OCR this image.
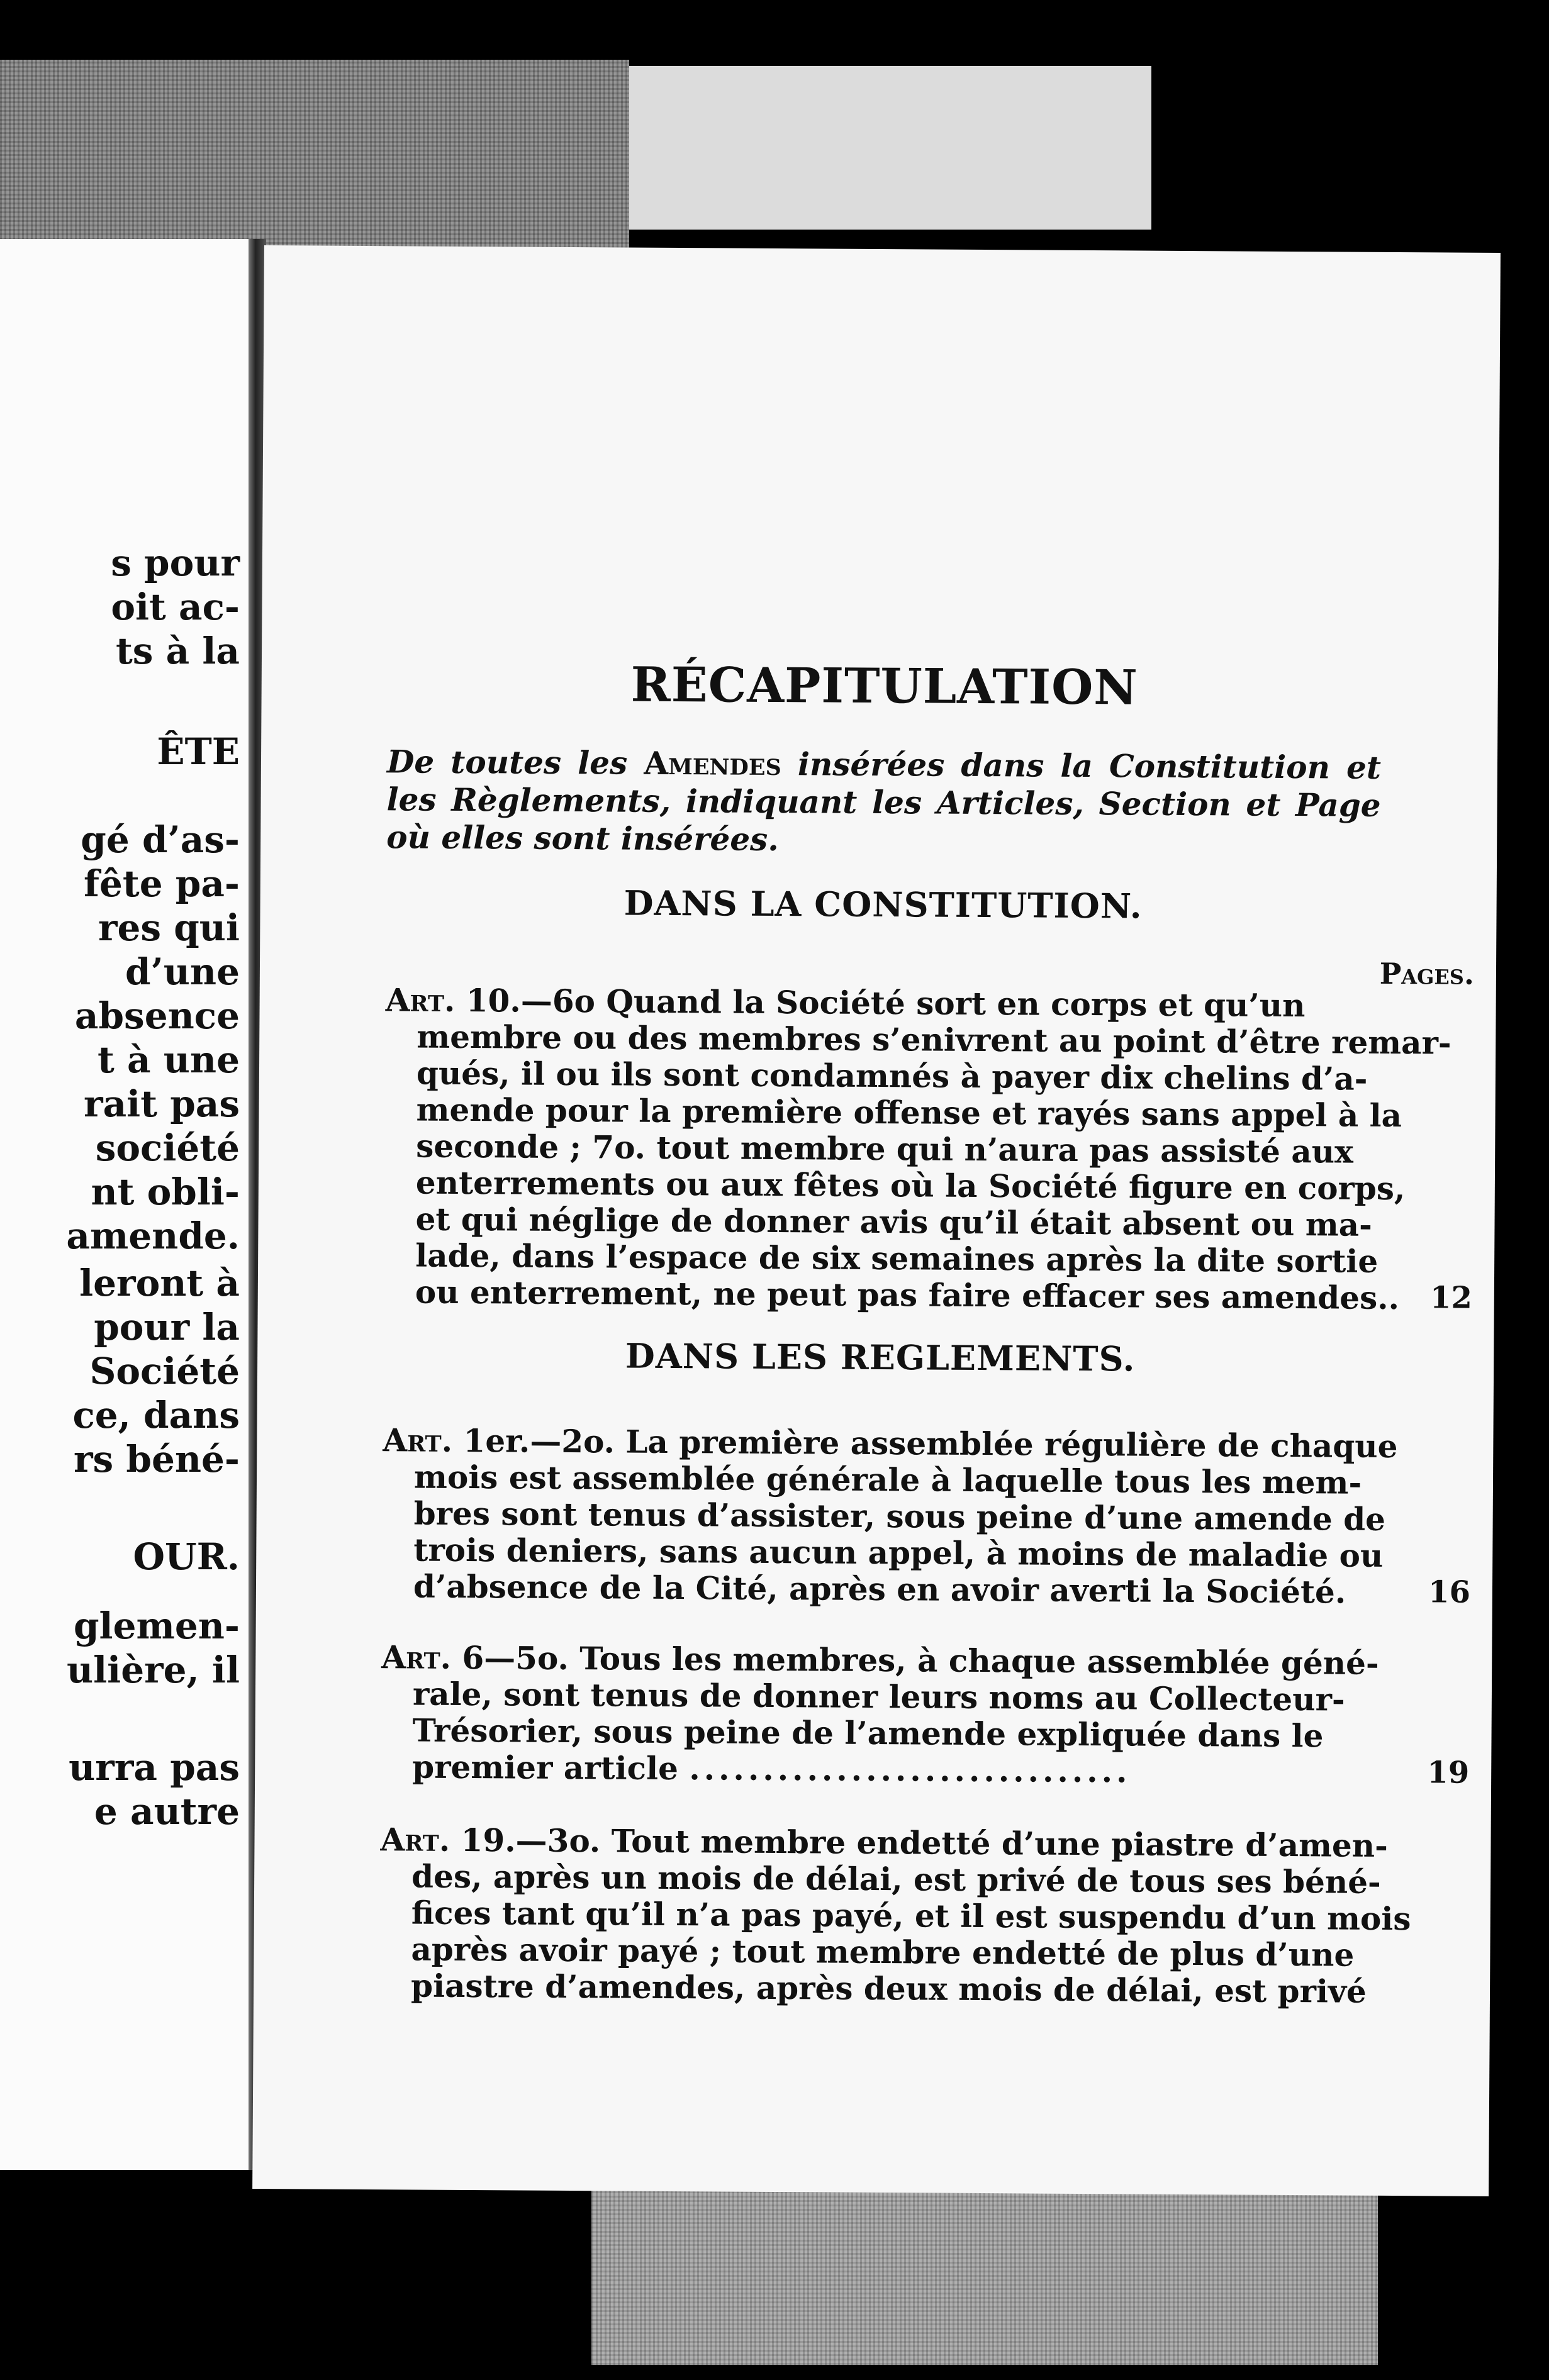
s pour
oit ac-
ts à la
ÊTE
gé d’as-
fête pa-
res qui
d’une
absence
t à une
rait pas
société
nt obli-
amende.
leront à
pour la
Société
ce, dans
rs béné-
OUR.
glemen-
ulière, il
urra pas
e autre
RÉCAPITULATION
De toutes les Amendes insérées dans la Constitution et les Règlements, indiquant les Articles, Section et Page où elles sont insérées.
DANS LA CONSTITUTION.
Pages.
Art. 10.—6o Quand la Société sort en corps et qu’un
membre ou des membres s’enivrent au point d’être remar-
qués, il ou ils sont condamnés à payer dix chelins d’a-
mende pour la première offense et rayés sans appel à la
seconde ; 7o. tout membre qui n’aura pas assisté aux
enterrements ou aux fêtes où la Société figure en corps,
et qui néglige de donner avis qu’il était absent ou ma-
lade, dans l’espace de six semaines après la dite sortie
ou enterrement, ne peut pas faire effacer ses amendes.. 12
DANS LES REGLEMENTS.
Art. 1er.—2o. La première assemblée régulière de chaque
mois est assemblée générale à laquelle tous les mem-
bres sont tenus d’assister, sous peine d’une amende de
trois deniers, sans aucun appel, à moins de maladie ou
d’absence de la Cité, après en avoir averti la Société.	16
Art. 6—5o. Tous les membres, à chaque assemblée géné-
rale, sont tenus de donner leurs noms au Collecteur-
Trésorier, sous peine de l’amende expliquée dans le
premier article ..............................	19
Art. 19.—3o. Tout membre endetté d’une piastre d’amen-
des, après un mois de délai, est privé de tous ses béné-
fices tant qu’il n’a pas payé, et il est suspendu d’un mois
après avoir payé ; tout membre endetté de plus d’une
piastre d’amendes, après deux mois de délai, est privé
